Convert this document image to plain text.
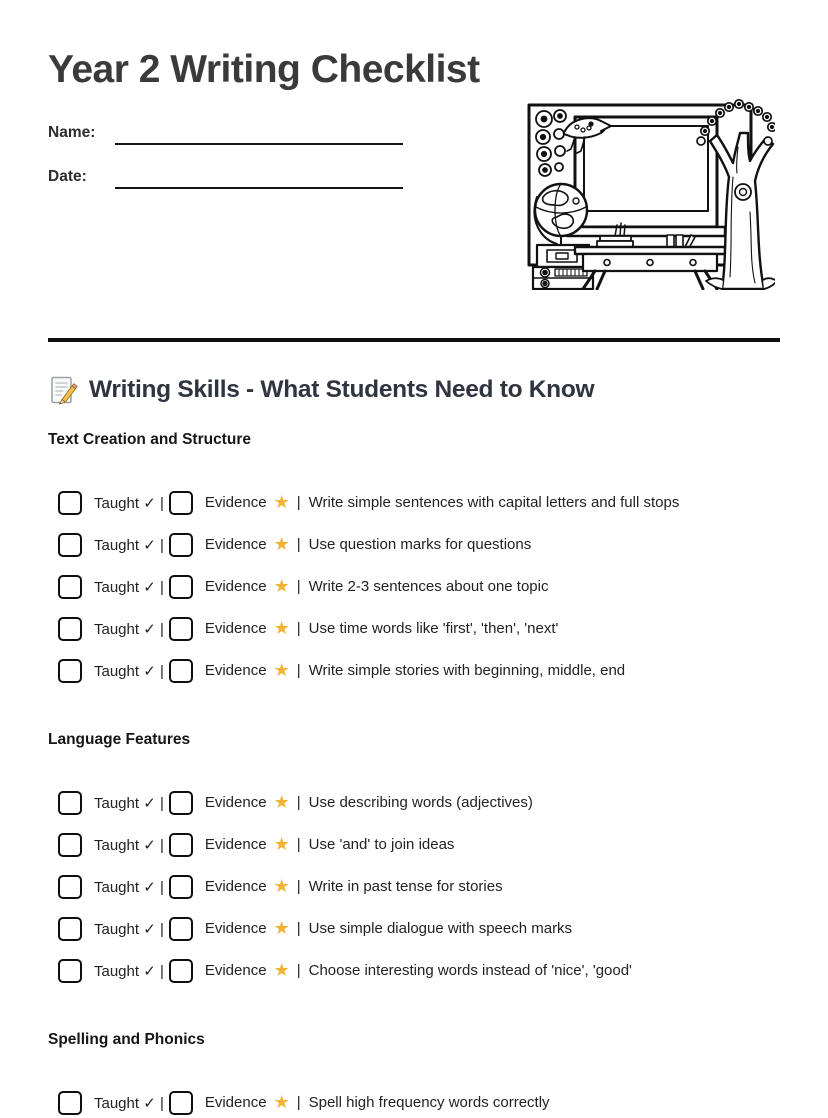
Year 2 Writing Checklist
Name:
Date:
Writing Skills - What Students Need to Know
Text Creation and Structure
Taught ✓ |	Evidence ★ | Write simple sentences with capital letters and full stops
Taught ✓ |	Evidence ★ | Use question marks for questions
Taught ✓ |	Evidence ★ | Write 2-3 sentences about one topic
Taught ✓ |	Evidence ★ | Use time words like 'first', 'then', 'next'
Taught ✓ |	Evidence ★ | Write simple stories with beginning, middle, end
Language Features
Taught ✓ |	Evidence ★ | Use describing words (adjectives)
Taught ✓ |	Evidence ★ | Use 'and' to join ideas
Taught ✓ |	Evidence ★ | Write in past tense for stories
Taught ✓ |	Evidence ★ | Use simple dialogue with speech marks
Taught ✓ |	Evidence ★ | Choose interesting words instead of 'nice', 'good'
Spelling and Phonics
Taught ✓ |	Evidence ★ | Spell high frequency words correctly
